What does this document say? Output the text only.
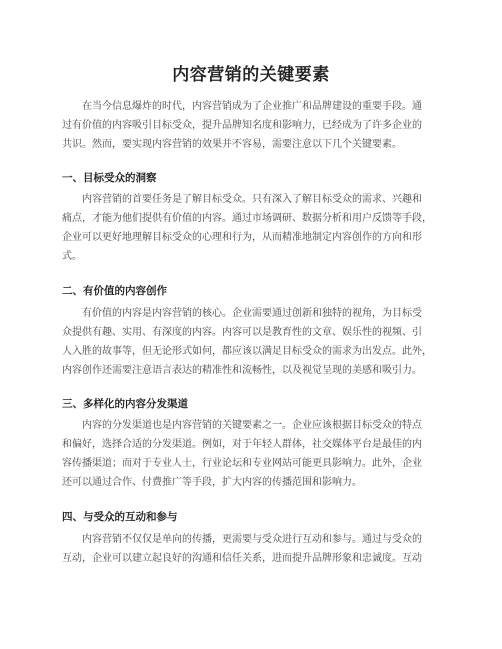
内容营销的关键要素

在当今信息爆炸的时代，内容营销成为了企业推广和品牌建设的重要手段。通
过有价值的内容吸引目标受众，提升品牌知名度和影响力，已经成为了许多企业的
共识。然而，要实现内容营销的效果并不容易，需要注意以下几个关键要素。

一、目标受众的洞察

内容营销的首要任务是了解目标受众。只有深入了解目标受众的需求、兴趣和
痛点，才能为他们提供有价值的内容。通过市场调研、数据分析和用户反馈等手段，
企业可以更好地理解目标受众的心理和行为，从而精准地制定内容创作的方向和形
式。

二、有价值的内容创作

有价值的内容是内容营销的核心。企业需要通过创新和独特的视角，为目标受
众提供有趣、实用、有深度的内容。内容可以是教育性的文章、娱乐性的视频、引
人入胜的故事等，但无论形式如何，都应该以满足目标受众的需求为出发点。此外，
内容创作还需要注意语言表达的精准性和流畅性，以及视觉呈现的美感和吸引力。

三、多样化的内容分发渠道

内容的分发渠道也是内容营销的关键要素之一。企业应该根据目标受众的特点
和偏好，选择合适的分发渠道。例如，对于年轻人群体，社交媒体平台是最佳的内
容传播渠道；而对于专业人士，行业论坛和专业网站可能更具影响力。此外，企业
还可以通过合作、付费推广等手段，扩大内容的传播范围和影响力。

四、与受众的互动和参与

内容营销不仅仅是单向的传播，更需要与受众进行互动和参与。通过与受众的
互动，企业可以建立起良好的沟通和信任关系，进而提升品牌形象和忠诚度。互动
